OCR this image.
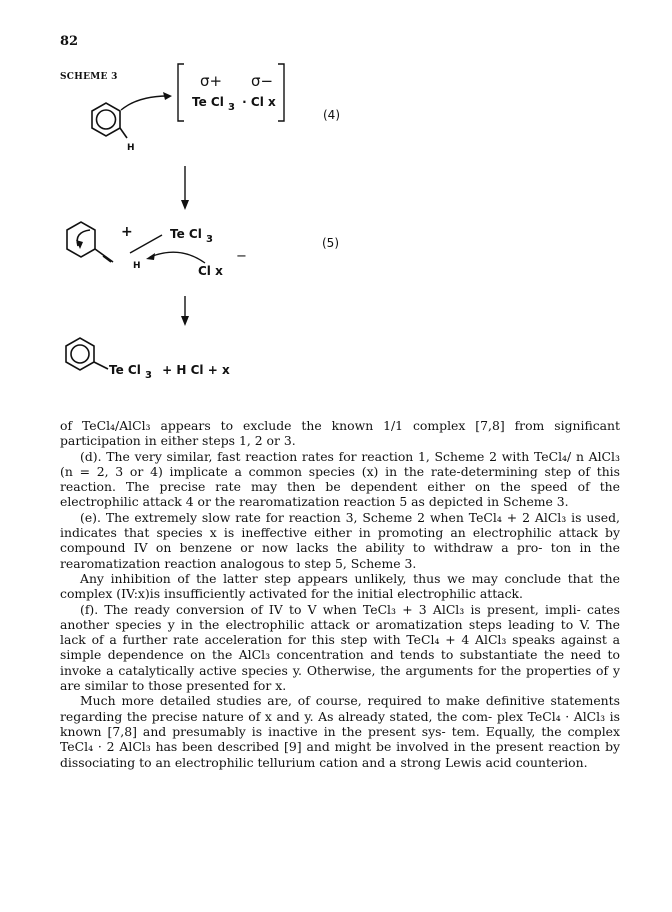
82
SCHEME 3
H
σ+ σ−
Te Cl $_3$ · Cl x
(4)
+
H
Te Cl $_3$
Cl x
−
(5)
Te Cl $_3$ + H Cl + x

of TeCl₄/AlCl₃ appears to exclude the known 1/1 complex [7,8] from significant participation in either steps 1, 2 or 3.

(d). The very similar, fast reaction rates for reaction 1, Scheme 2 with TeCl₄/ n AlCl₃ (n = 2, 3 or 4) implicate a common species (x) in the rate-determining step of this reaction. The precise rate may then be dependent either on the speed of the electrophilic attack 4 or the rearomatization reaction 5 as depicted in Scheme 3.

(e). The extremely slow rate for reaction 3, Scheme 2 when TeCl₄ + 2 AlCl₃ is used, indicates that species x is ineffective either in promoting an electrophilic attack by compound IV on benzene or now lacks the ability to withdraw a pro- ton in the rearomatization reaction analogous to step 5, Scheme 3.

Any inhibition of the latter step appears unlikely, thus we may conclude that the complex (IV:x)is insufficiently activated for the initial electrophilic attack.

(f). The ready conversion of IV to V when TeCl₃ + 3 AlCl₃ is present, impli- cates another species y in the electrophilic attack or aromatization steps leading to V. The lack of a further rate acceleration for this step with TeCl₄ + 4 AlCl₃ speaks against a simple dependence on the AlCl₃ concentration and tends to substantiate the need to invoke a catalytically active species y. Otherwise, the arguments for the properties of y are similar to those presented for x.

Much more detailed studies are, of course, required to make definitive statements regarding the precise nature of x and y. As already stated, the com- plex TeCl₄ · AlCl₃ is known [7,8] and presumably is inactive in the present sys- tem. Equally, the complex TeCl₄ · 2 AlCl₃ has been described [9] and might be involved in the present reaction by dissociating to an electrophilic tellurium cation and a strong Lewis acid counterion.
